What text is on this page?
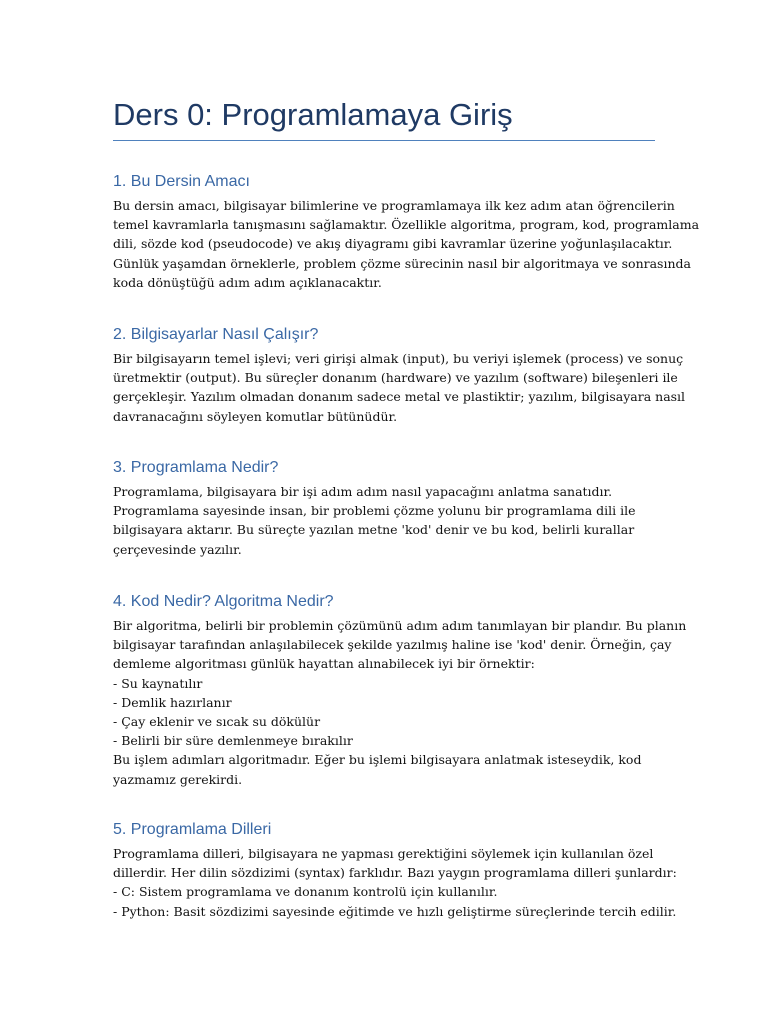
Ders 0: Programlamaya Giriş
1. Bu Dersin Amacı

Bu dersin amacı, bilgisayar bilimlerine ve programlamaya ilk kez adım atan öğrencilerin
temel kavramlarla tanışmasını sağlamaktır. Özellikle algoritma, program, kod, programlama
dili, sözde kod (pseudocode) ve akış diyagramı gibi kavramlar üzerine yoğunlaşılacaktır.
Günlük yaşamdan örneklerle, problem çözme sürecinin nasıl bir algoritmaya ve sonrasında
koda dönüştüğü adım adım açıklanacaktır.

2. Bilgisayarlar Nasıl Çalışır?

Bir bilgisayarın temel işlevi; veri girişi almak (input), bu veriyi işlemek (process) ve sonuç
üretmektir (output). Bu süreçler donanım (hardware) ve yazılım (software) bileşenleri ile
gerçekleşir. Yazılım olmadan donanım sadece metal ve plastiktir; yazılım, bilgisayara nasıl
davranacağını söyleyen komutlar bütünüdür.

3. Programlama Nedir?

Programlama, bilgisayara bir işi adım adım nasıl yapacağını anlatma sanatıdır.
Programlama sayesinde insan, bir problemi çözme yolunu bir programlama dili ile
bilgisayara aktarır. Bu süreçte yazılan metne 'kod' denir ve bu kod, belirli kurallar
çerçevesinde yazılır.

4. Kod Nedir? Algoritma Nedir?

Bir algoritma, belirli bir problemin çözümünü adım adım tanımlayan bir plandır. Bu planın
bilgisayar tarafından anlaşılabilecek şekilde yazılmış haline ise 'kod' denir. Örneğin, çay
demleme algoritması günlük hayattan alınabilecek iyi bir örnektir:
- Su kaynatılır
- Demlik hazırlanır
- Çay eklenir ve sıcak su dökülür
- Belirli bir süre demlenmeye bırakılır
Bu işlem adımları algoritmadır. Eğer bu işlemi bilgisayara anlatmak isteseydik, kod
yazmamız gerekirdi.

5. Programlama Dilleri

Programlama dilleri, bilgisayara ne yapması gerektiğini söylemek için kullanılan özel
dillerdir. Her dilin sözdizimi (syntax) farklıdır. Bazı yaygın programlama dilleri şunlardır:
- C: Sistem programlama ve donanım kontrolü için kullanılır.
- Python: Basit sözdizimi sayesinde eğitimde ve hızlı geliştirme süreçlerinde tercih edilir.
